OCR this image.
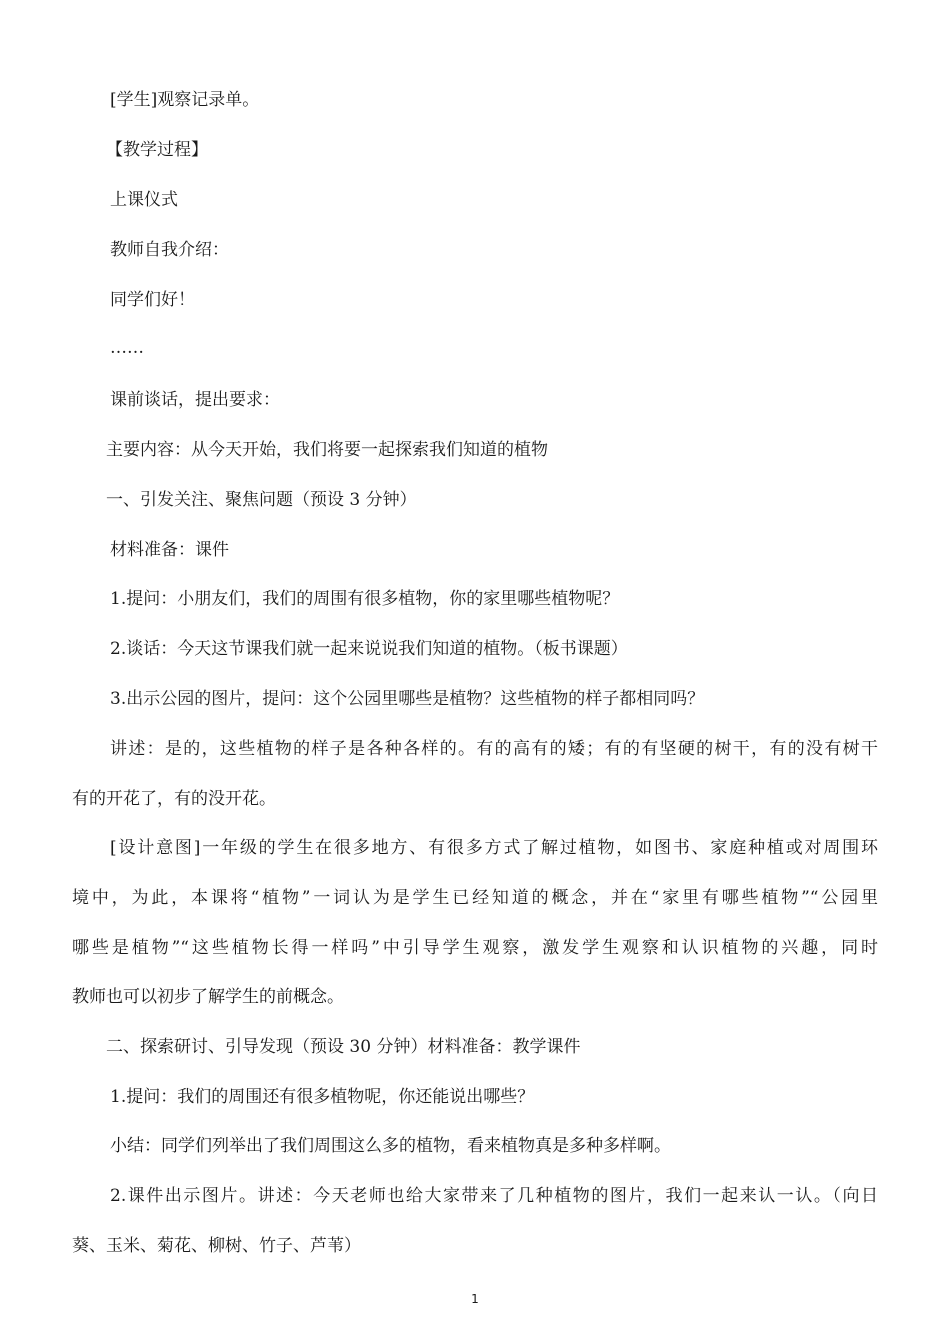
[学生]观察记录单。
【教学过程】
上课仪式
教师自我介绍：
同学们好！
……
课前谈话，提出要求：
主要内容：从今天开始，我们将要一起探索我们知道的植物
一、引发关注、聚焦问题（预设 3 分钟）
材料准备：课件
1.提问：小朋友们，我们的周围有很多植物，你的家里哪些植物呢？
2.谈话：今天这节课我们就一起来说说我们知道的植物。（板书课题）
3.出示公园的图片，提问：这个公园里哪些是植物？这些植物的样子都相同吗？
讲述：是的，这些植物的样子是各种各样的。有的高有的矮；有的有坚硬的树干，有的没有树干
有的开花了，有的没开花。
[设计意图]一年级的学生在很多地方、有很多方式了解过植物，如图书、家庭种植或对周围环
境中，为此，本课将“植物”一词认为是学生已经知道的概念，并在“家里有哪些植物”“公园里
哪些是植物”“这些植物长得一样吗”中引导学生观察，激发学生观察和认识植物的兴趣，同时
教师也可以初步了解学生的前概念。
二、探索研讨、引导发现（预设 30 分钟）材料准备：教学课件
1.提问：我们的周围还有很多植物呢，你还能说出哪些？
小结：同学们列举出了我们周围这么多的植物，看来植物真是多种多样啊。
2.课件出示图片。讲述：今天老师也给大家带来了几种植物的图片，我们一起来认一认。（向日
葵、玉米、菊花、柳树、竹子、芦苇）
1
